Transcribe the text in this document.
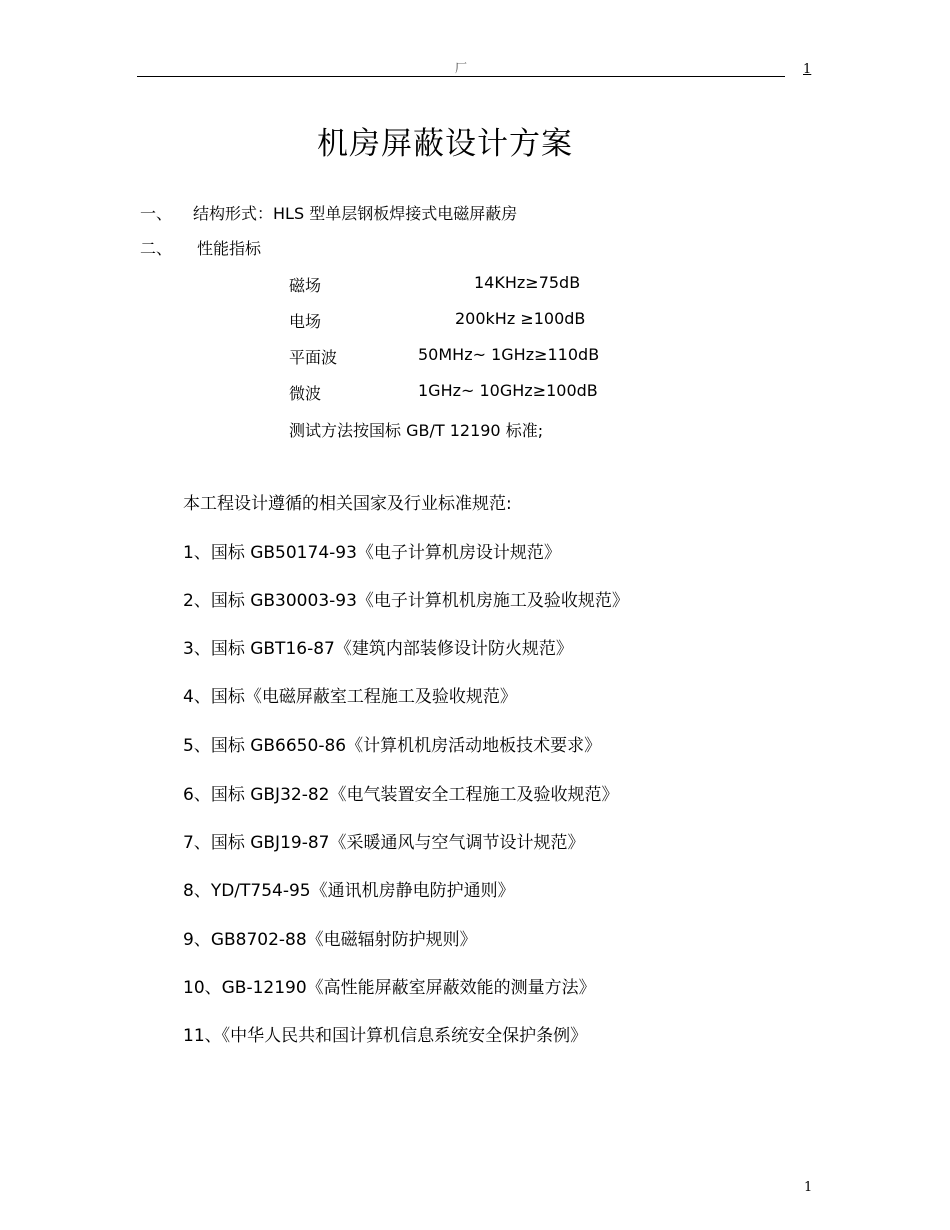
厂	1
机房屏蔽设计方案
一、 结构形式：HLS 型单层钢板焊接式电磁屏蔽房
二、 性能指标
磁场	14KHz≥75dB
电场	200kHz ≥100dB
平面波	50MHz~ 1GHz≥110dB
微波	1GHz~ 10GHz≥100dB
测试方法按国标 GB/T 12190 标准;
本工程设计遵循的相关国家及行业标准规范:
1、国标 GB50174-93《电子计算机房设计规范》
2、国标 GB30003-93《电子计算机机房施工及验收规范》
3、国标 GBT16-87《建筑内部装修设计防火规范》
4、国标《电磁屏蔽室工程施工及验收规范》
5、国标 GB6650-86《计算机机房活动地板技术要求》
6、国标 GBJ32-82《电气装置安全工程施工及验收规范》
7、国标 GBJ19-87《采暖通风与空气调节设计规范》
8、YD/T754-95《通讯机房静电防护通则》
9、GB8702-88《电磁辐射防护规则》
10、GB-12190《高性能屏蔽室屏蔽效能的测量方法》
11、《中华人民共和国计算机信息系统安全保护条例》
1
